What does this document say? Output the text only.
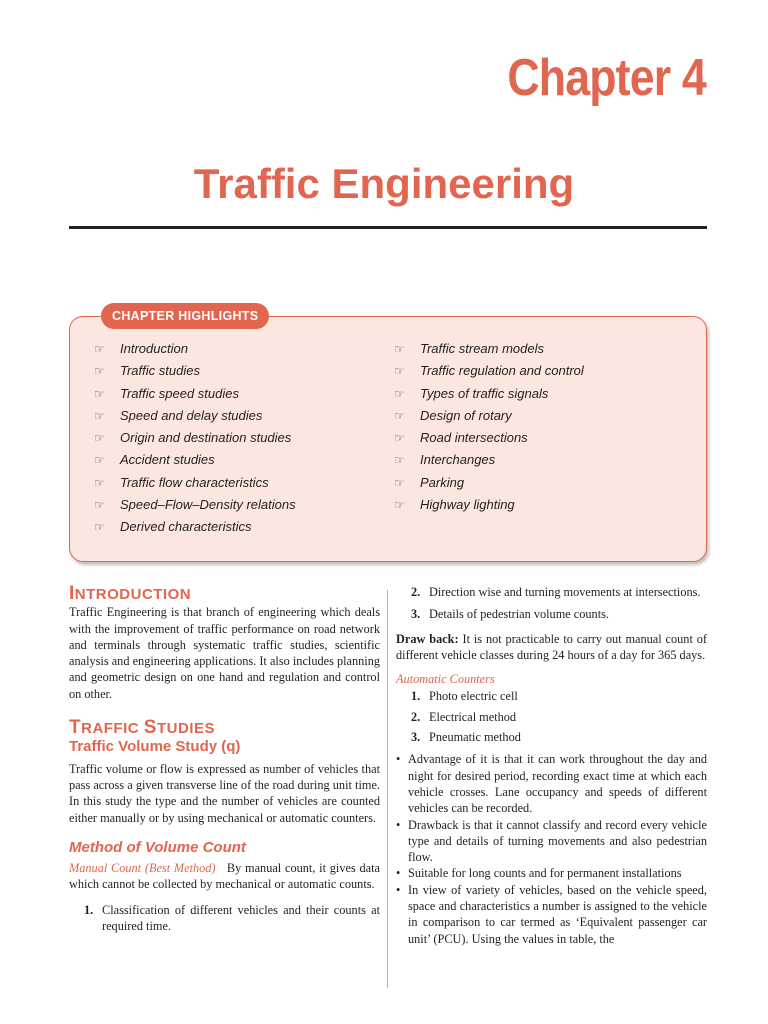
Chapter 4
Traffic Engineering
CHAPTER HIGHLIGHTS
☞ Introduction
☞ Traffic studies
☞ Traffic speed studies
☞ Speed and delay studies
☞ Origin and destination studies
☞ Accident studies
☞ Traffic flow characteristics
☞ Speed–Flow–Density relations
☞ Derived characteristics
☞ Traffic stream models
☞ Traffic regulation and control
☞ Types of traffic signals
☞ Design of rotary
☞ Road intersections
☞ Interchanges
☞ Parking
☞ Highway lighting
INTRODUCTION

Traffic Engineering is that branch of engineering which deals with the improvement of traffic performance on road network and terminals through systematic traffic studies, scientific analysis and engineering applications. It also includes planning and geometric design on one hand and regulation and control on other.

TRAFFIC STUDIES
Traffic Volume Study (q)

Traffic volume or flow is expressed as number of vehicles that pass across a given transverse line of the road during unit time. In this study the type and the number of vehicles are counted either manually or by using mechanical or automatic counters.

Method of Volume Count

Manual Count (Best Method) By manual count, it gives data which cannot be collected by mechanical or automatic counts.

1. Classification of different vehicles and their counts at required time.
2. Direction wise and turning movements at intersections.
3. Details of pedestrian volume counts.

Draw back: It is not practicable to carry out manual count of different vehicle classes during 24 hours of a day for 365 days.

Automatic Counters

1. Photo electric cell
2. Electrical method
3. Pneumatic method
• Advantage of it is that it can work throughout the day and night for desired period, recording exact time at which each vehicle crosses. Lane occupancy and speeds of different vehicles can be recorded.
• Drawback is that it cannot classify and record every vehicle type and details of turning movements and also pedestrian flow.
• Suitable for long counts and for permanent installations
• In view of variety of vehicles, based on the vehicle speed, space and characteristics a number is assigned to the vehicle in comparison to car termed as ‘Equivalent passenger car unit’ (PCU). Using the values in table, the
